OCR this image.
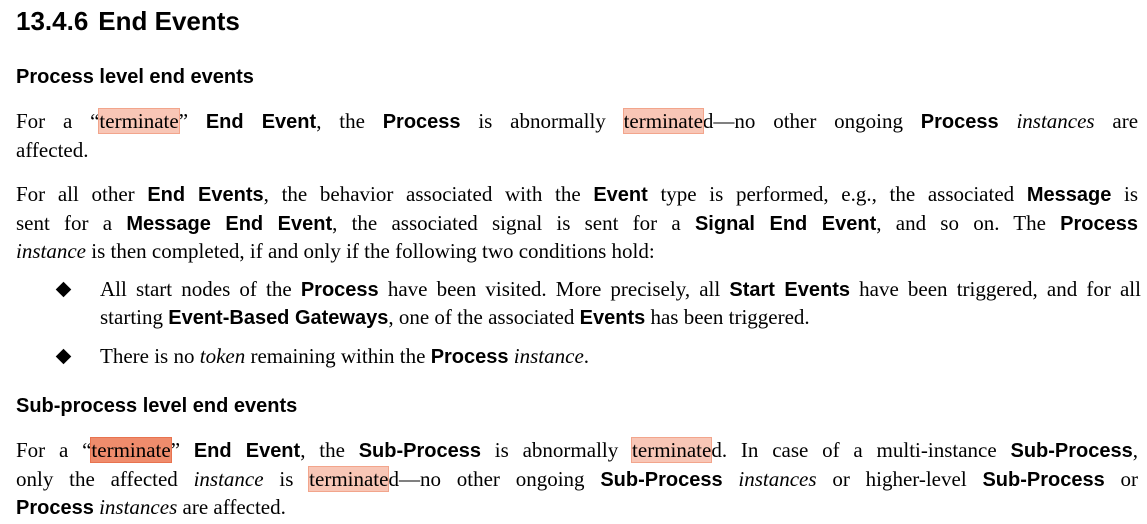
13.4.6 End Events
Process level end events

For a “terminate” End Event, the Process is abnormally terminated—no other ongoing Process instances are
affected.

For all other End Events, the behavior associated with the Event type is performed, e.g., the associated Message is
sent for a Message End Event, the associated signal is sent for a Signal End Event, and so on. The Process
instance is then completed, if and only if the following two conditions hold:

All start nodes of the Process have been visited. More precisely, all Start Events have been triggered, and for all
starting Event-Based Gateways, one of the associated Events has been triggered.
There is no token remaining within the Process instance.
Sub-process level end events

For a “terminate” End Event, the Sub-Process is abnormally terminated. In case of a multi-instance Sub-Process,
only the affected instance is terminated—no other ongoing Sub-Process instances or higher-level Sub-Process or
Process instances are affected.
